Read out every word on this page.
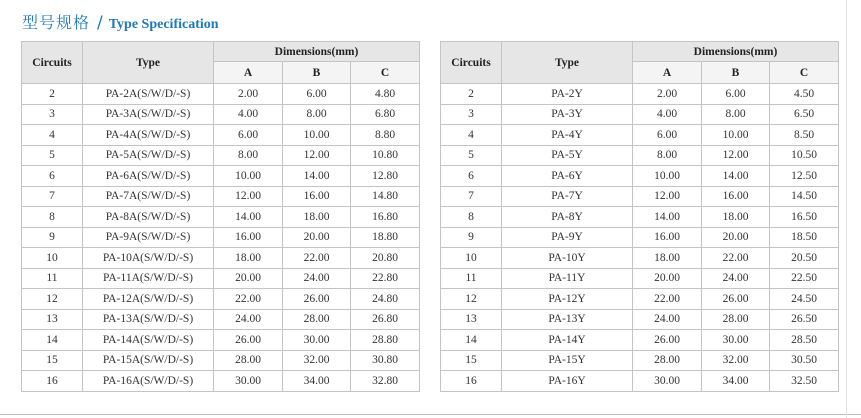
型号规格 / Type Specification
Circuits	Type	Dimensions(mm)		
		A	B	C
2	PA-2A(S/W/D/-S)	2.00	6.00	4.80
3	PA-3A(S/W/D/-S)	4.00	8.00	6.80
4	PA-4A(S/W/D/-S)	6.00	10.00	8.80
5	PA-5A(S/W/D/-S)	8.00	12.00	10.80
6	PA-6A(S/W/D/-S)	10.00	14.00	12.80
7	PA-7A(S/W/D/-S)	12.00	16.00	14.80
8	PA-8A(S/W/D/-S)	14.00	18.00	16.80
9	PA-9A(S/W/D/-S)	16.00	20.00	18.80
10	PA-10A(S/W/D/-S)	18.00	22.00	20.80
11	PA-11A(S/W/D/-S)	20.00	24.00	22.80
12	PA-12A(S/W/D/-S)	22.00	26.00	24.80
13	PA-13A(S/W/D/-S)	24.00	28.00	26.80
14	PA-14A(S/W/D/-S)	26.00	30.00	28.80
15	PA-15A(S/W/D/-S)	28.00	32.00	30.80
16	PA-16A(S/W/D/-S)	30.00	34.00	32.80
Circuits	Type	Dimensions(mm)		
		A	B	C
2	PA-2Y	2.00	6.00	4.50
3	PA-3Y	4.00	8.00	6.50
4	PA-4Y	6.00	10.00	8.50
5	PA-5Y	8.00	12.00	10.50
6	PA-6Y	10.00	14.00	12.50
7	PA-7Y	12.00	16.00	14.50
8	PA-8Y	14.00	18.00	16.50
9	PA-9Y	16.00	20.00	18.50
10	PA-10Y	18.00	22.00	20.50
11	PA-11Y	20.00	24.00	22.50
12	PA-12Y	22.00	26.00	24.50
13	PA-13Y	24.00	28.00	26.50
14	PA-14Y	26.00	30.00	28.50
15	PA-15Y	28.00	32.00	30.50
16	PA-16Y	30.00	34.00	32.50
